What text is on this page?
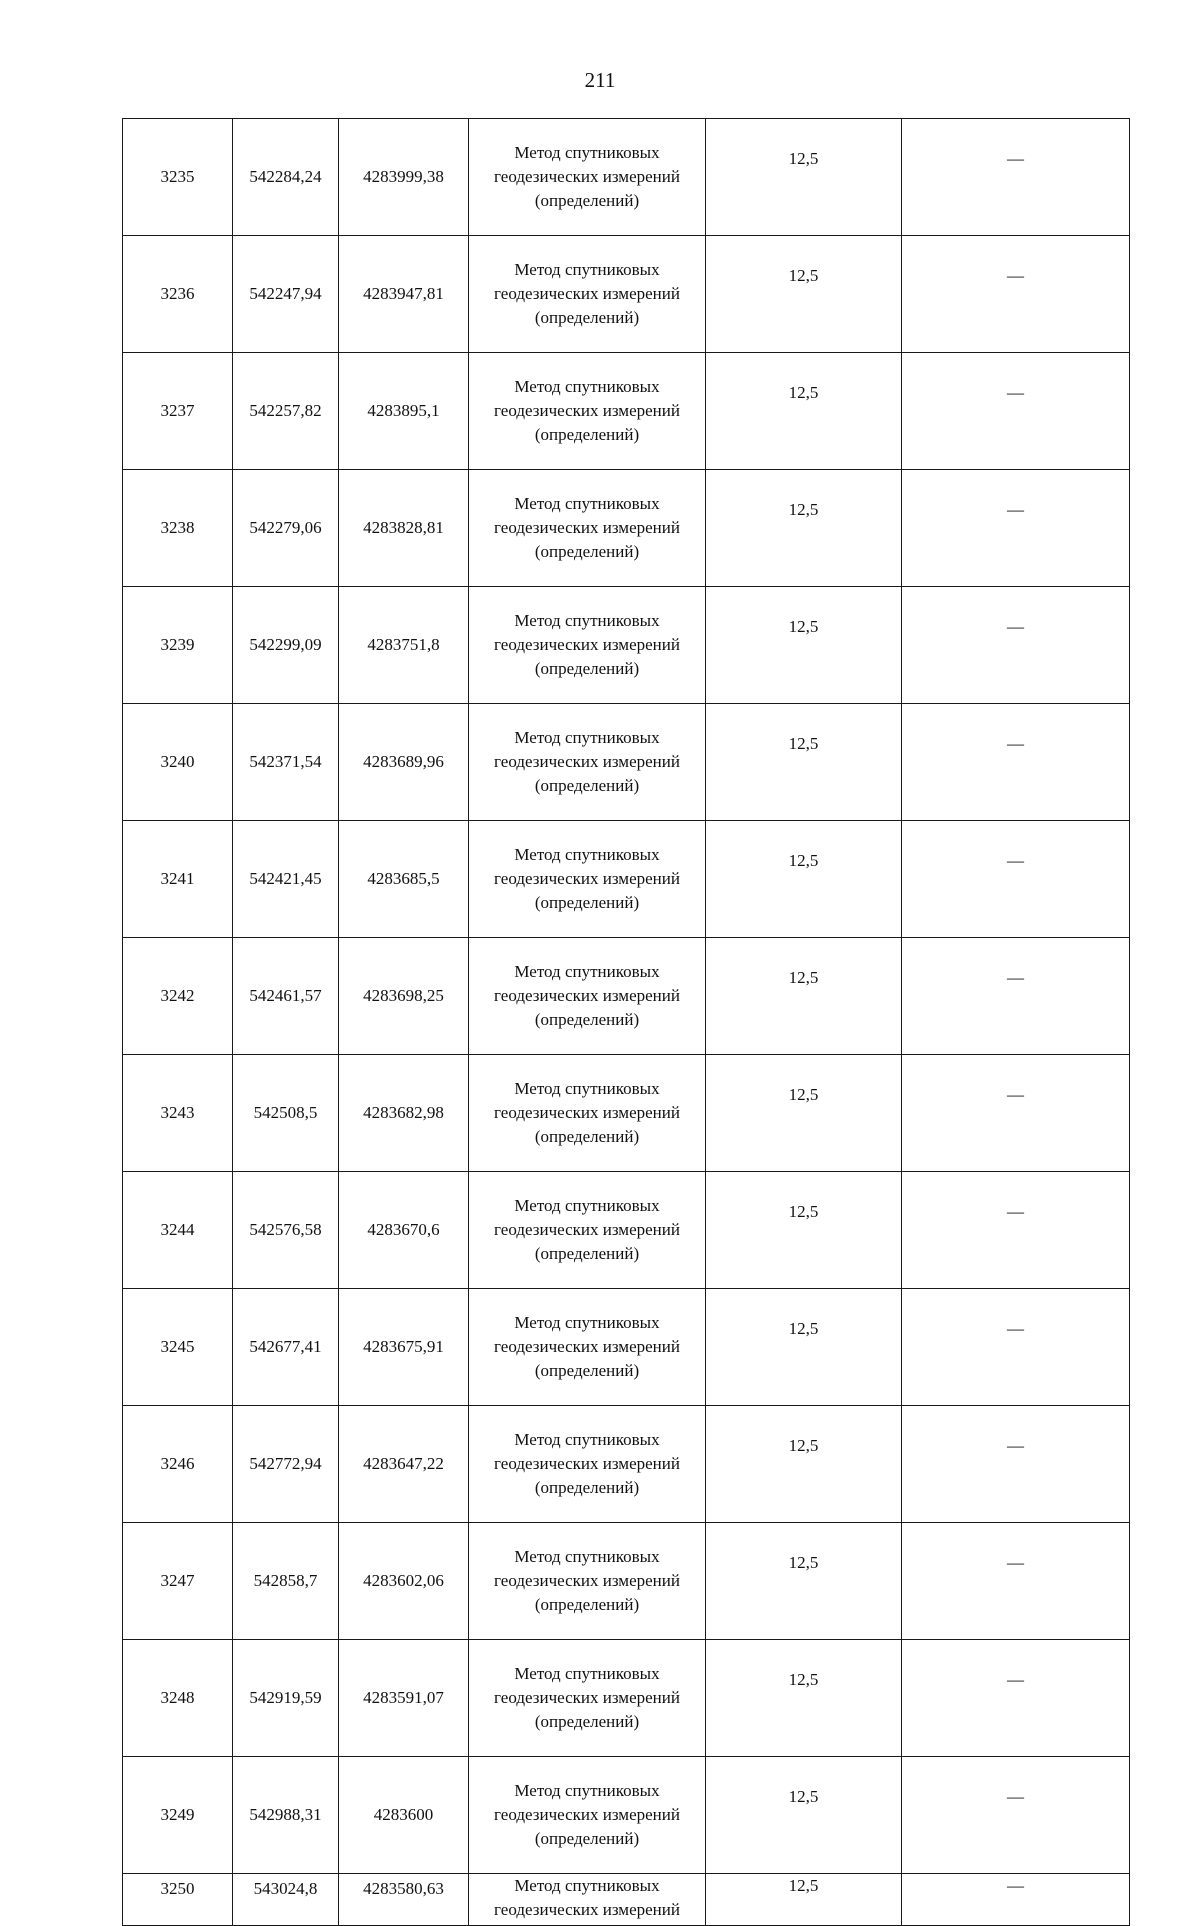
211
3235	542284,24	4283999,38	Метод спутниковых
геодезических измерений
(определений)	12,5	—
3236	542247,94	4283947,81	Метод спутниковых
геодезических измерений
(определений)	12,5	—
3237	542257,82	4283895,1	Метод спутниковых
геодезических измерений
(определений)	12,5	—
3238	542279,06	4283828,81	Метод спутниковых
геодезических измерений
(определений)	12,5	—
3239	542299,09	4283751,8	Метод спутниковых
геодезических измерений
(определений)	12,5	—
3240	542371,54	4283689,96	Метод спутниковых
геодезических измерений
(определений)	12,5	—
3241	542421,45	4283685,5	Метод спутниковых
геодезических измерений
(определений)	12,5	—
3242	542461,57	4283698,25	Метод спутниковых
геодезических измерений
(определений)	12,5	—
3243	542508,5	4283682,98	Метод спутниковых
геодезических измерений
(определений)	12,5	—
3244	542576,58	4283670,6	Метод спутниковых
геодезических измерений
(определений)	12,5	—
3245	542677,41	4283675,91	Метод спутниковых
геодезических измерений
(определений)	12,5	—
3246	542772,94	4283647,22	Метод спутниковых
геодезических измерений
(определений)	12,5	—
3247	542858,7	4283602,06	Метод спутниковых
геодезических измерений
(определений)	12,5	—
3248	542919,59	4283591,07	Метод спутниковых
геодезических измерений
(определений)	12,5	—
3249	542988,31	4283600	Метод спутниковых
геодезических измерений
(определений)	12,5	—
3250	543024,8	4283580,63	Метод спутниковых
геодезических измерений	12,5	—
